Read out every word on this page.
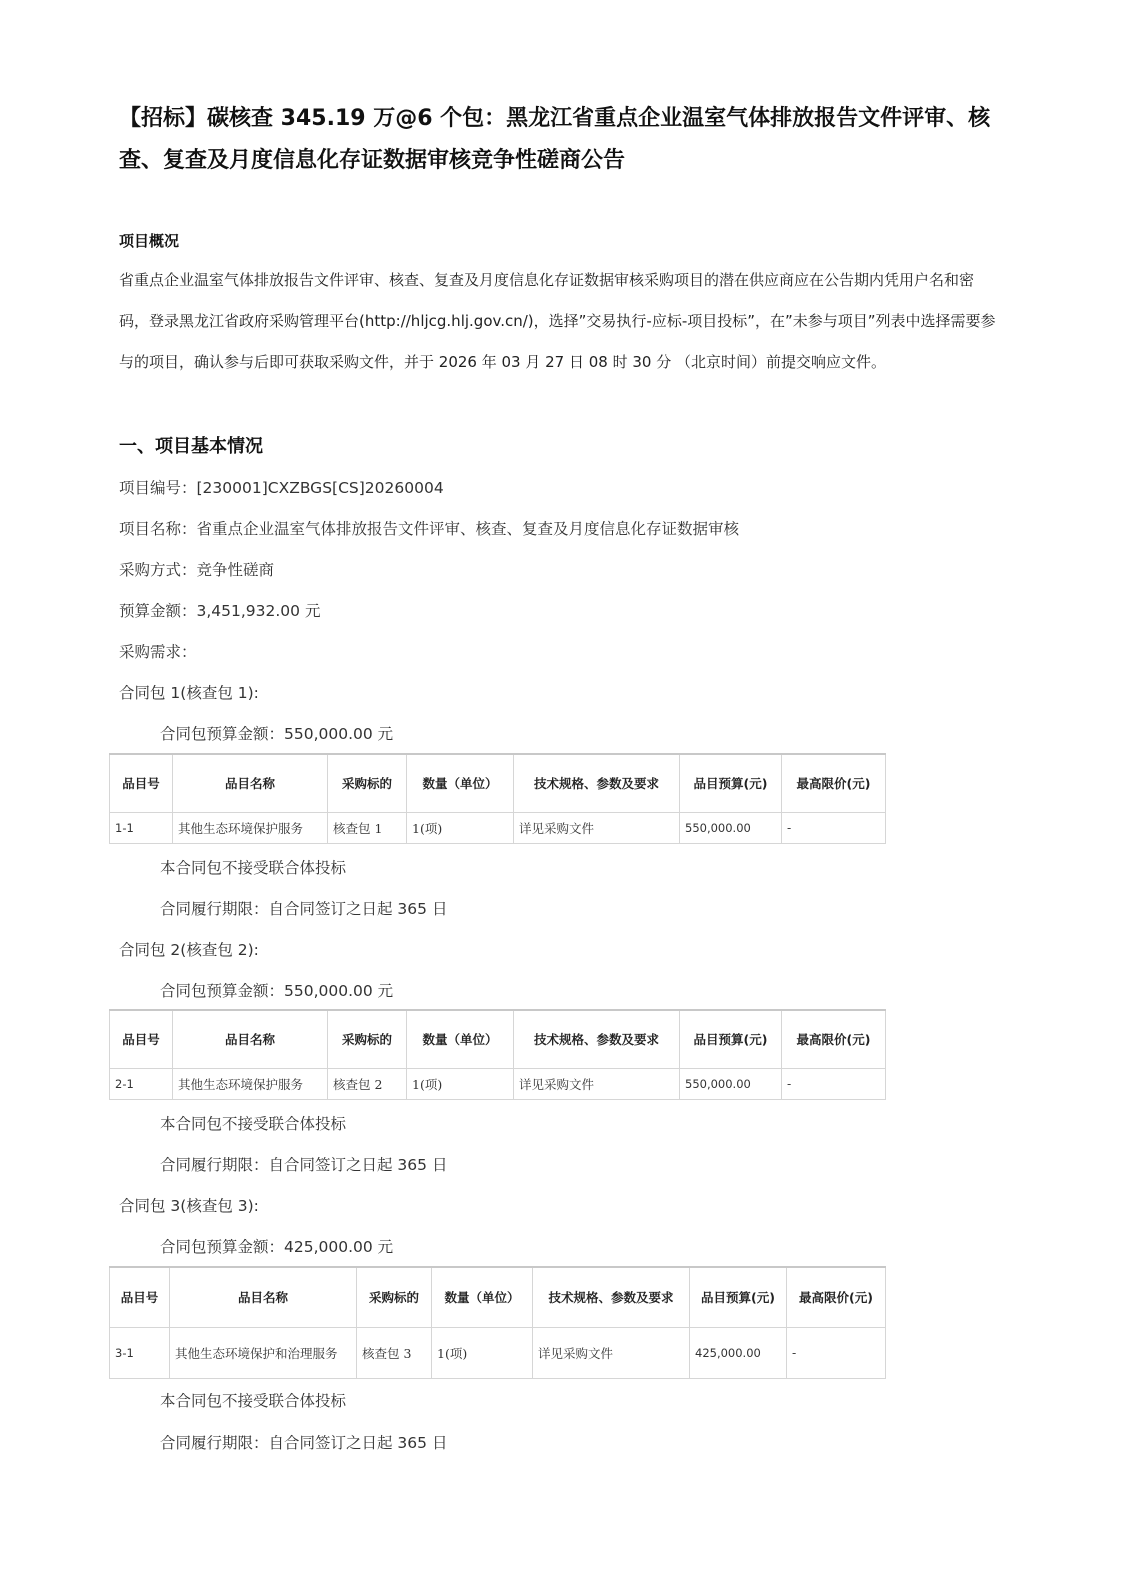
【招标】碳核查 345.19 万@6 个包：黑龙江省重点企业温室气体排放报告文件评审、核查、复查及月度信息化存证数据审核竞争性磋商公告
项目概况
省重点企业温室气体排放报告文件评审、核查、复查及月度信息化存证数据审核采购项目的潜在供应商应在公告期内凭用户名和密码，登录黑龙江省政府采购管理平台(http://hljcg.hlj.gov.cn/)，选择”交易执行-应标-项目投标”，在”未参与项目”列表中选择需要参与的项目，确认参与后即可获取采购文件，并于 2026 年 03 月 27 日 08 时 30 分 （北京时间）前提交响应文件。
一、项目基本情况
项目编号：[230001]CXZBGS[CS]20260004
项目名称：省重点企业温室气体排放报告文件评审、核查、复查及月度信息化存证数据审核
采购方式：竞争性磋商
预算金额：3,451,932.00 元
采购需求：
合同包 1(核查包 1):
合同包预算金额：550,000.00 元
品目号	品目名称	采购标的	数量（单位）	技术规格、参数及要求	品目预算(元)	最高限价(元)
1-1	其他生态环境保护服务	核查包 1	1(项)	详见采购文件	550,000.00	-
本合同包不接受联合体投标
合同履行期限：自合同签订之日起 365 日
合同包 2(核查包 2):
合同包预算金额：550,000.00 元
品目号	品目名称	采购标的	数量（单位）	技术规格、参数及要求	品目预算(元)	最高限价(元)
2-1	其他生态环境保护服务	核查包 2	1(项)	详见采购文件	550,000.00	-
本合同包不接受联合体投标
合同履行期限：自合同签订之日起 365 日
合同包 3(核查包 3):
合同包预算金额：425,000.00 元
品目号	品目名称	采购标的	数量（单位）	技术规格、参数及要求	品目预算(元)	最高限价(元)
3-1	其他生态环境保护和治理服务	核查包 3	1(项)	详见采购文件	425,000.00	-
本合同包不接受联合体投标
合同履行期限：自合同签订之日起 365 日
